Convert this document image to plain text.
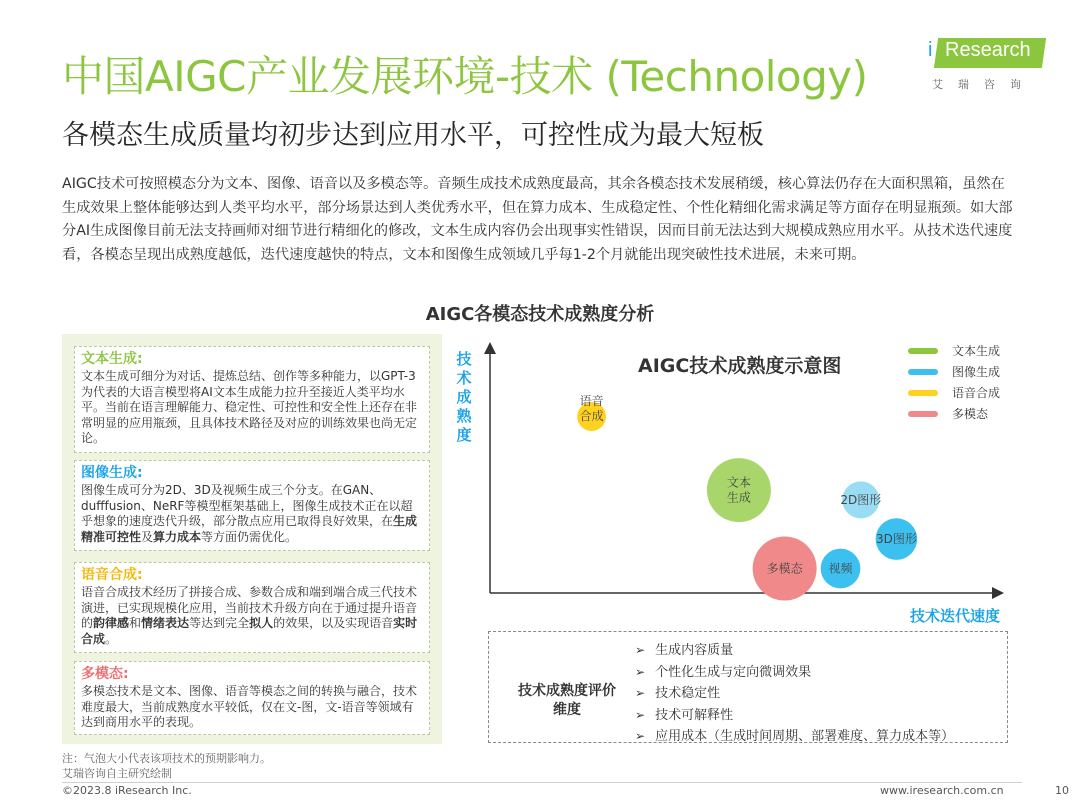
中国AIGC产业发展环境-技术 (Technology)
i Research
艾瑞咨询
各模态生成质量均初步达到应用水平，可控性成为最大短板
AIGC技术可按照模态分为文本、图像、语音以及多模态等。音频生成技术成熟度最高，其余各模态技术发展稍缓，核心算法仍存在大面积黑箱，虽然在生成效果上整体能够达到人类平均水平，部分场景达到人类优秀水平，但在算力成本、生成稳定性、个性化精细化需求满足等方面存在明显瓶颈。如大部分AI生成图像目前无法支持画师对细节进行精细化的修改，文本生成内容仍会出现事实性错误，因而目前无法达到大规模成熟应用水平。从技术迭代速度看，各模态呈现出成熟度越低，迭代速度越快的特点，文本和图像生成领域几乎每1-2个月就能出现突破性技术进展，未来可期。
AIGC各模态技术成熟度分析
文本生成:

文本生成可细分为对话、提炼总结、创作等多种能力，以GPT-3为代表的大语言模型将AI文本生成能力拉升至接近人类平均水平。当前在语言理解能力、稳定性、可控性和安全性上还存在非常明显的应用瓶颈，且具体技术路径及对应的训练效果也尚无定论。

图像生成:

图像生成可分为2D、3D及视频生成三个分支。在GAN、dufffusion、NeRF等模型框架基础上，图像生成技术正在以超乎想象的速度迭代升级，部分散点应用已取得良好效果，在生成精准可控性及算力成本等方面仍需优化。

语音合成:

语音合成技术经历了拼接合成、参数合成和端到端合成三代技术演进，已实现规模化应用，当前技术升级方向在于通过提升语音的韵律感和情绪表达等达到完全拟人的效果，以及实现语音实时合成。

多模态:

多模态技术是文本、图像、语音等模态之间的转换与融合，技术难度最大，当前成熟度水平较低，仅在文-图，文-语音等领域有达到商用水平的表现。

技术成熟度
AIGC技术成熟度示意图
技术迭代速度
语音
合成
文本
生成	2D图形
3D图形
多模态 视频
文本生成
图像生成
语音合成
多模态
技术成熟度评价维度
➢ 生成内容质量
➢ 个性化生成与定向微调效果
➢ 技术稳定性
➢ 技术可解释性
➢ 应用成本（生成时间周期、部署难度、算力成本等）
注：气泡大小代表该项技术的预期影响力。
艾瑞咨询自主研究绘制
©2023.8 iResearch Inc.	www.iresearch.com.cn	10
